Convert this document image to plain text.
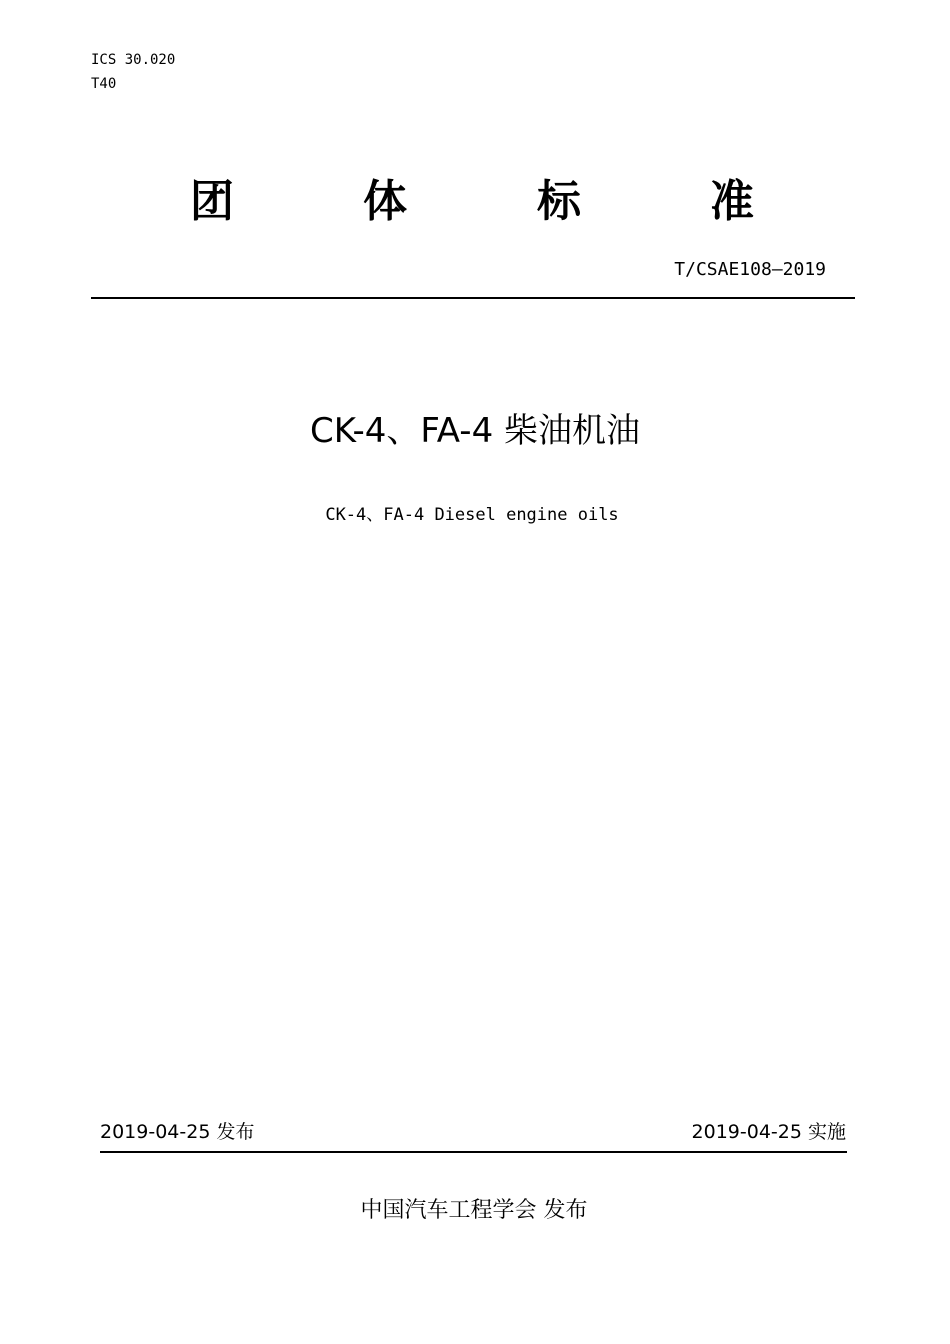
ICS 30.020
T40
团	体	标	准
T/CSAE108—2019
CK-4、FA-4 柴油机油
CK-4、FA-4 Diesel engine oils
2019-04-25 发布	2019-04-25 实施
中国汽车工程学会 发布
